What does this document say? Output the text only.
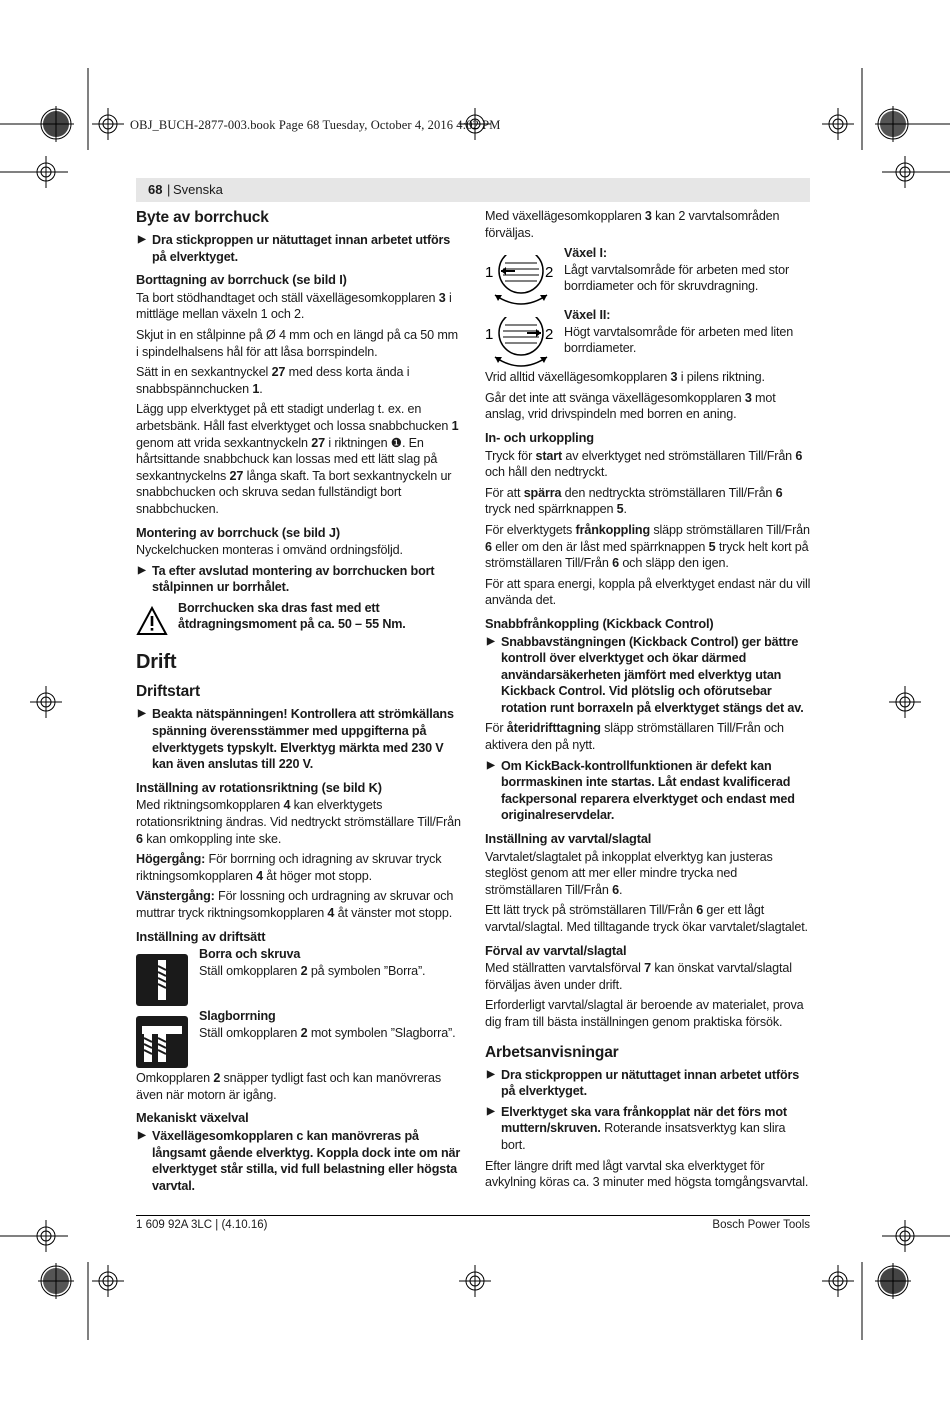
OBJ_BUCH-2877-003.book Page 68 Tuesday, October 4, 2016 4:02 PM
68 | Svenska
Byte av borrchuck
▶ Dra stickproppen ur nätuttaget innan arbetet utförs på elverktyget.
Borttagning av borrchuck (se bild I)

Ta bort stödhandtaget och ställ växellägesomkopplaren 3 i mittläge mellan växeln 1 och 2.

Skjut in en stålpinne på Ø 4 mm och en längd på ca 50 mm i spindelhalsens hål för att låsa borrspindeln.

Sätt in en sexkantnyckel 27 med dess korta ända i snabbspännchucken 1.

Lägg upp elverktyget på ett stadigt underlag t. ex. en arbetsbänk. Håll fast elverktyget och lossa snabbchucken 1 genom att vrida sexkantnyckeln 27 i riktningen ❶. En hårtsittande snabbchuck kan lossas med ett lätt slag på sexkantnyckelns 27 långa skaft. Ta bort sexkantnyckeln ur snabbchucken och skruva sedan fullständigt bort snabbchucken.

Montering av borrchuck (se bild J)

Nyckelchucken monteras i omvänd ordningsföljd.

▶ Ta efter avslutad montering av borrchucken bort stålpinnen ur borrhålet.
Borrchucken ska dras fast med ett åtdragningsmoment på ca. 50 – 55 Nm.
Drift
Driftstart
▶ Beakta nätspänningen! Kontrollera att strömkällans spänning överensstämmer med uppgifterna på elverktygets typskylt. Elverktyg märkta med 230 V kan även anslutas till 220 V.
Inställning av rotationsriktning (se bild K)

Med riktningsomkopplaren 4 kan elverktygets rotationsriktning ändras. Vid nedtryckt strömställare Till/Från 6 kan omkoppling inte ske.

Högergång: För borrning och idragning av skruvar tryck riktningsomkopplaren 4 åt höger mot stopp.

Vänstergång: För lossning och urdragning av skruvar och muttrar tryck riktningsomkopplaren 4 åt vänster mot stopp.

Inställning av driftsätt

Borra och skruva

Ställ omkopplaren 2 på symbolen ”Borra”.

Slagborrning

Ställ omkopplaren 2 mot symbolen ”Slagborra”.

Omkopplaren 2 snäpper tydligt fast och kan manövreras även när motorn är igång.

Mekaniskt växelval
▶ Växellägesomkopplaren c kan manövreras på långsamt gående elverktyg. Koppla dock inte om när elverktyget står stilla, vid full belastning eller högsta varvtal.

Med växellägesomkopplaren 3 kan 2 varvtalsområden förväljas.

1	2

Växel I:

Lågt varvtalsområde för arbeten med stor borrdiameter och för skruvdragning.

1	2

Växel II:

Högt varvtalsområde för arbeten med liten borrdiameter.

Vrid alltid växellägesomkopplaren 3 i pilens riktning.

Går det inte att svänga växellägesomkopplaren 3 mot anslag, vrid drivspindeln med borren en aning.

In- och urkoppling

Tryck för start av elverktyget ned strömställaren Till/Från 6 och håll den nedtryckt.

För att spärra den nedtryckta strömställaren Till/Från 6 tryck ned spärrknappen 5.

För elverktygets frånkoppling släpp strömställaren Till/Från 6 eller om den är låst med spärrknappen 5 tryck helt kort på strömställaren Till/Från 6 och släpp den igen.

För att spara energi, koppla på elverktyget endast när du vill använda det.

Snabbfrånkoppling (Kickback Control)
▶ Snabbavstängningen (Kickback Control) ger bättre kontroll över elverktyget och ökar därmed användarsäkerheten jämfört med elverktyg utan Kickback Control. Vid plötslig och oförutsebar rotation runt borraxeln på elverktyget stängs det av.

För återidrifttagning släpp strömställaren Till/Från och aktivera den på nytt.

▶ Om KickBack-kontrollfunktionen är defekt kan borrmaskinen inte startas. Låt endast kvalificerad fackpersonal reparera elverktyget och endast med originalreservdelar.
Inställning av varvtal/slagtal

Varvtalet/slagtalet på inkopplat elverktyg kan justeras steglöst genom att mer eller mindre trycka ned strömställaren Till/Från 6.

Ett lätt tryck på strömställaren Till/Från 6 ger ett lågt varvtal/slagtal. Med tilltagande tryck ökar varvtalet/slagtalet.

Förval av varvtal/slagtal

Med ställratten varvtalsförval 7 kan önskat varvtal/slagtal förväljas även under drift.

Erforderligt varvtal/slagtal är beroende av materialet, prova dig fram till bästa inställningen genom praktiska försök.

Arbetsanvisningar
▶ Dra stickproppen ur nätuttaget innan arbetet utförs på elverktyget.
▶ Elverktyget ska vara frånkopplat när det förs mot muttern/skruven. Roterande insatsverktyg kan slira bort.

Efter längre drift med lågt varvtal ska elverktyget för avkylning köras ca. 3 minuter med högsta tomgångsvarvtal.

1 609 92A 3LC | (4.10.16)	Bosch Power Tools
